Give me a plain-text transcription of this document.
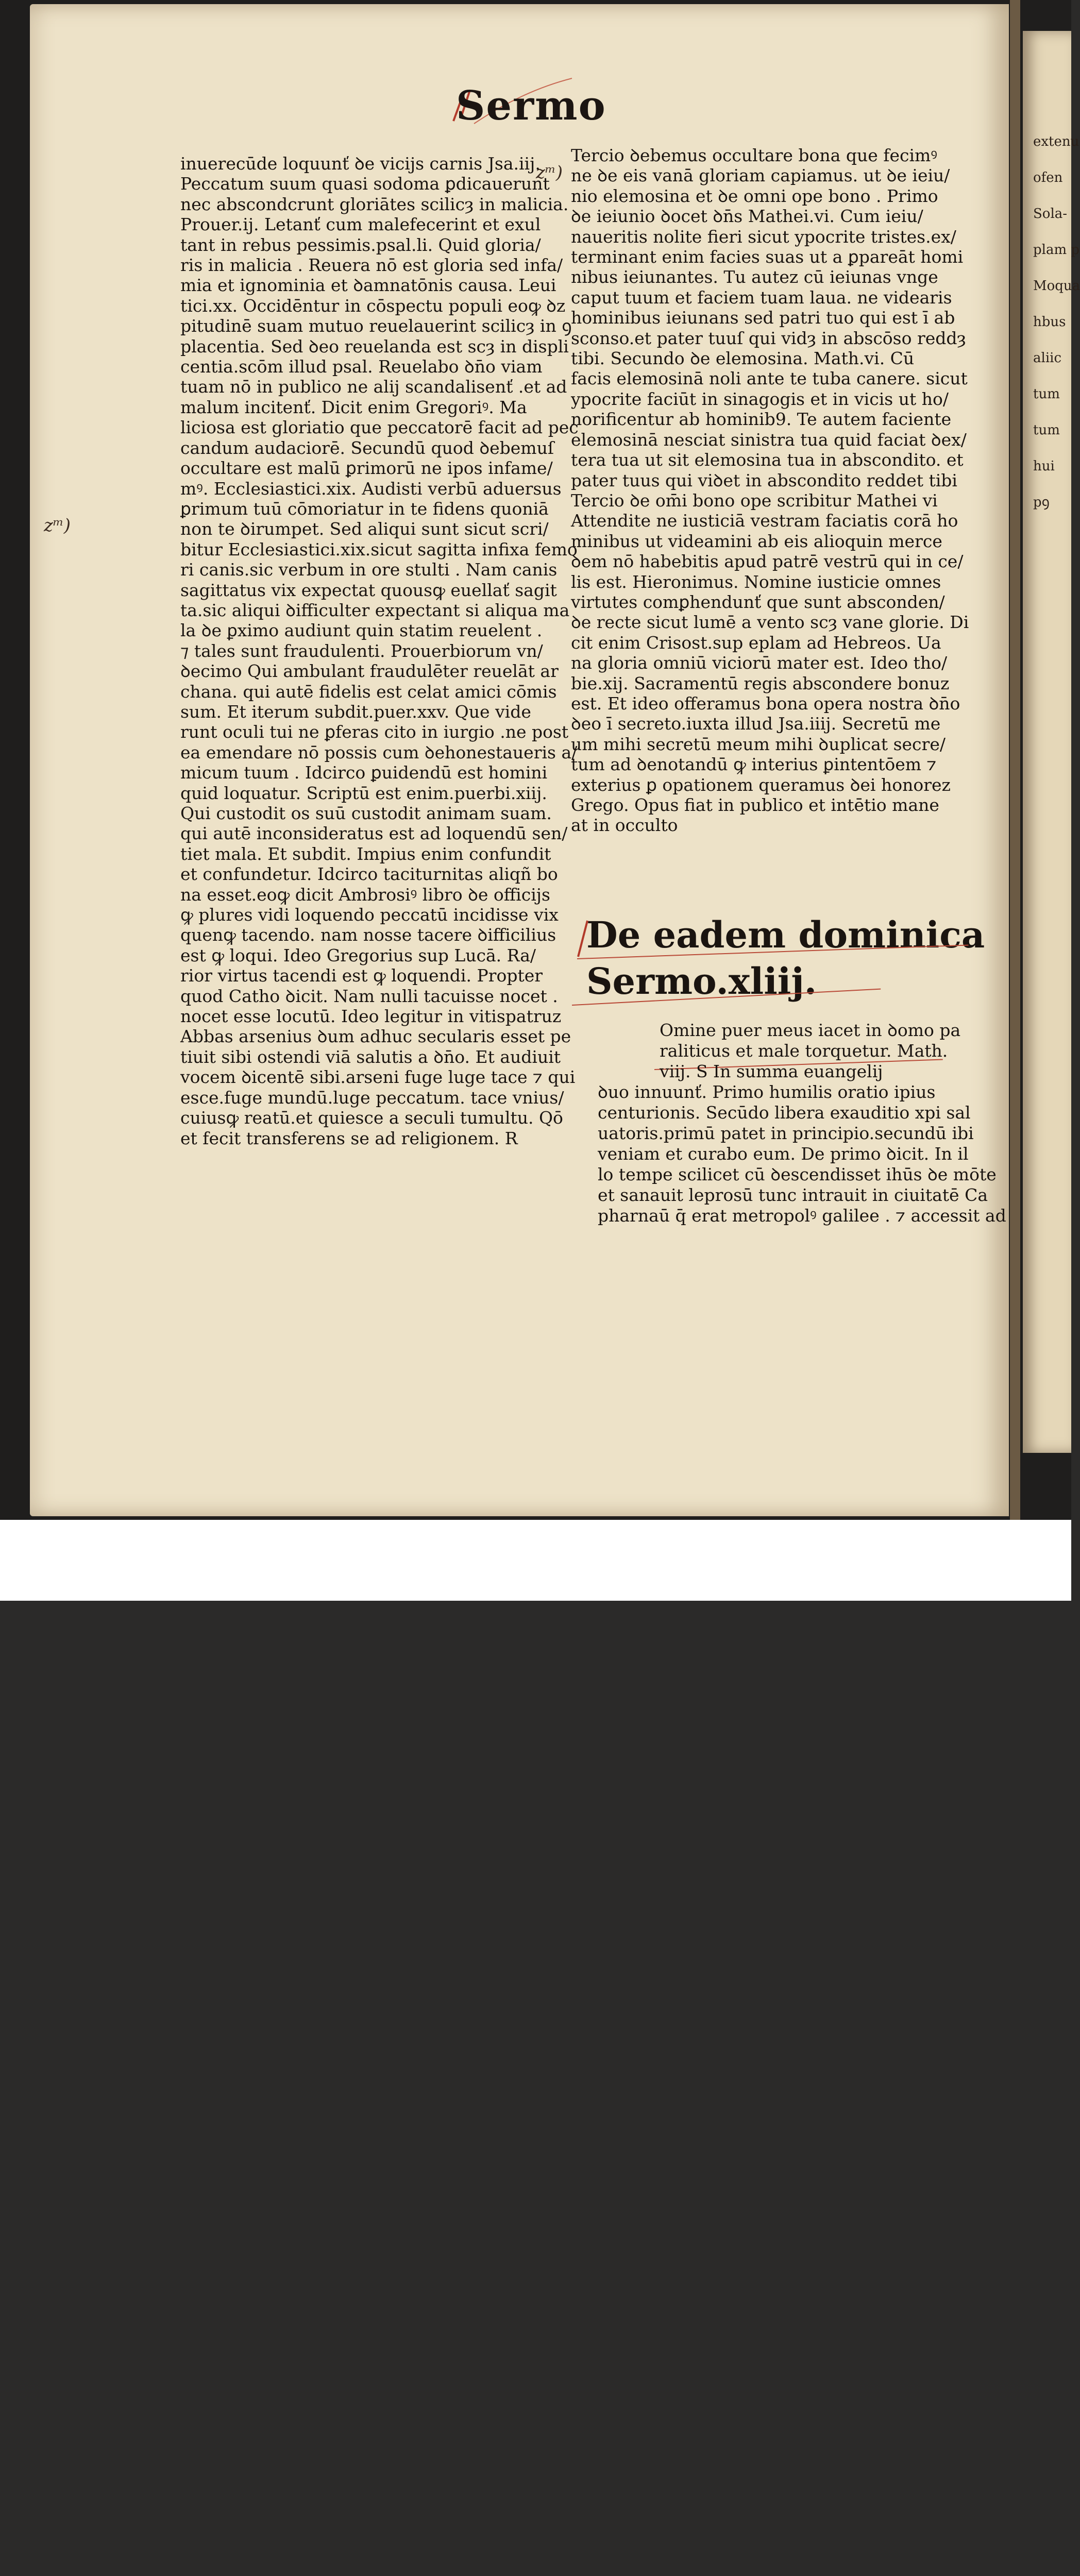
Sermo
zᵐ)
zᵐ)
inuerecūde loquunť ꝺe vicijs carnis Jsa.iij.
Peccatum suum quasi sodoma ꝑdicauerunt
nec abscondcrunt gloriātes scilicȝ in malicia.
Prouer.ij. Letanť cum malefecerint et exul
tant in rebus pessimis.psal.li. Quid gloria/
ris in malicia . Reuera nō est gloria sed infa/
mia et ignominia et ꝺamnatōnis causa. Leui
tici.xx. Occidēntur in cōspectu populi eoꝙ ꝺz
pitudinē suam mutuo reuelauerint scilicȝ in ꝯ
placentia. Sed ꝺeo reuelanda est scȝ in displi
centia.scōm illud psal. Reuelabo ꝺn̄o viam
tuam nō in publico ne alij scandalisenť .et ad
malum incitenť. Dicit enim Gregoriꝰ. Ma
liciosa est gloriatio que peccatorē facit ad pec
candum audaciorē. Secundū quod ꝺebemuſ
occultare est malū ꝑrimorū ne ipos infame/
mꝰ. Ecclesiastici.xix. Audisti verbū aduersus
ꝑrimum tuū cōmoriatur in te fidens quoniā
non te ꝺirumpet. Sed aliqui sunt sicut scri/
bitur Ecclesiastici.xix.sicut sagitta infixa femo
ri canis.sic verbum in ore stulti . Nam canis
sagittatus vix expectat quousꝙ euellať sagit
ta.sic aliqui ꝺifficulter expectant si aliqua ma
la ꝺe ꝑximo audiunt quin statim reuelent .
⁊ tales sunt fraudulenti. Prouerbiorum vn/
ꝺecimo Qui ambulant fraudulēter reuelāt ar
chana. qui autē fidelis est celat amici cōmis
sum. Et iterum subdit.puer.xxv. Que vide
runt oculi tui ne ꝑferas cito in iurgio .ne post
ea emendare nō possis cum ꝺehonestaueris a/
micum tuum . Idcirco ꝑuidendū est homini
quid loquatur. Scriptū est enim.puerbi.xiij.
Qui custodit os suū custodit animam suam.
qui autē inconsideratus est ad loquendū sen/
tiet mala. Et subdit. Impius enim confundit
et confundetur. Idcirco taciturnitas aliqñ bo
na esset.eoꝙ dicit Ambrosiꝰ libro ꝺe officijs
ꝙ plures vidi loquendo peccatū incidisse vix
quenꝙ tacendo. nam nosse tacere ꝺifficilius
est ꝙ loqui. Ideo Gregorius sup Lucā. Ra/
rior virtus tacendi est ꝙ loquendi. Propter
quod Catho ꝺicit. Nam nulli tacuisse nocet .
nocet esse locutū. Ideo legitur in vitispatruz
Abbas arsenius ꝺum adhuc secularis esset pe
tiuit sibi ostendi viā salutis a ꝺn̄o. Et audiuit
vocem ꝺicentē sibi.arseni fuge luge tace ⁊ qui
esce.fuge mundū.luge peccatum. tace vnius/
cuiusꝙ reatū.et quiesce a seculi tumultu. Qō
et fecit transferens se ad religionem. R
Tercio ꝺebemus occultare bona que fecimꝰ
ne ꝺe eis vanā gloriam capiamus. ut ꝺe ieiu/
nio elemosina et ꝺe omni ope bono . Primo
ꝺe ieiunio ꝺocet ꝺn̄s Mathei.vi. Cum ieiu/
naueritis nolite fieri sicut ypocrite tristes.ex/
terminant enim facies suas ut a ꝑpareāt homi
nibus ieiunantes. Tu autez cū ieiunas vnge
caput tuum et faciem tuam laua. ne videaris
hominibus ieiunans sed patri tuo qui est ī ab
sconso.et pater tuuſ qui vidȝ in abscōso reddȝ
tibi. Secundo ꝺe elemosina. Math.vi. Cū
facis elemosinā noli ante te tuba canere. sicut
ypocrite faciūt in sinagogis et in vicis ut ho/
norificentur ab hominib9. Te autem faciente
elemosinā nesciat sinistra tua quid faciat ꝺex/
tera tua ut sit elemosina tua in abscondito. et
pater tuus qui viꝺet in abscondito reddet tibi
Tercio ꝺe om̄i bono ope scribitur Mathei vi
Attendite ne iusticiā vestram faciatis corā ho
minibus ut videamini ab eis alioquin merce
ꝺem nō habebitis apud patrē vestrū qui in ce/
lis est. Hieronimus. Nomine iusticie omnes
virtutes comꝑhendunť que sunt absconden/
ꝺe recte sicut lumē a vento scȝ vane glorie. Di
cit enim Crisost.sup eplam ad Hebreos. Ua
na gloria omniū viciorū mater est. Ideo tho/
bie.xij. Sacramentū regis abscondere bonuz
est. Et ideo offeramus bona opera nostra ꝺn̄o
ꝺeo ī secreto.iuxta illud Jsa.iiij. Secretū me
um mihi secretū meum mihi ꝺuplicat secre/
tum ad ꝺenotandū ꝙ interius ꝑintentōem ⁊
exterius ꝑ opationem queramus ꝺei honorez
Grego. Opus fiat in publico et intētio mane
at in occulto
De eadem dominica
Sermo.xliij.
Omine puer meus iacet in ꝺomo pa
raliticus et male torquetur. Math.
viij. S In summa euangelij
ꝺuo innuunť. Primo humilis oratio ipius
centurionis. Secūdo libera exauditio xpi sal
uatoris.primū patet in principio.secundū ibi
veniam et curabo eum. De primo ꝺicit. In il
lo tempe scilicet cū ꝺescendisset ihūs ꝺe mōte
et sanauit leprosū tunc intrauit in ciuitatē Ca
pharnaū q̄ erat metropolꝰ galilee . ⁊ accessit ad
extenu
ofen
Sola-
plam p
Moqua
hbus
aliic
tum
tum
hui
pꝯ
